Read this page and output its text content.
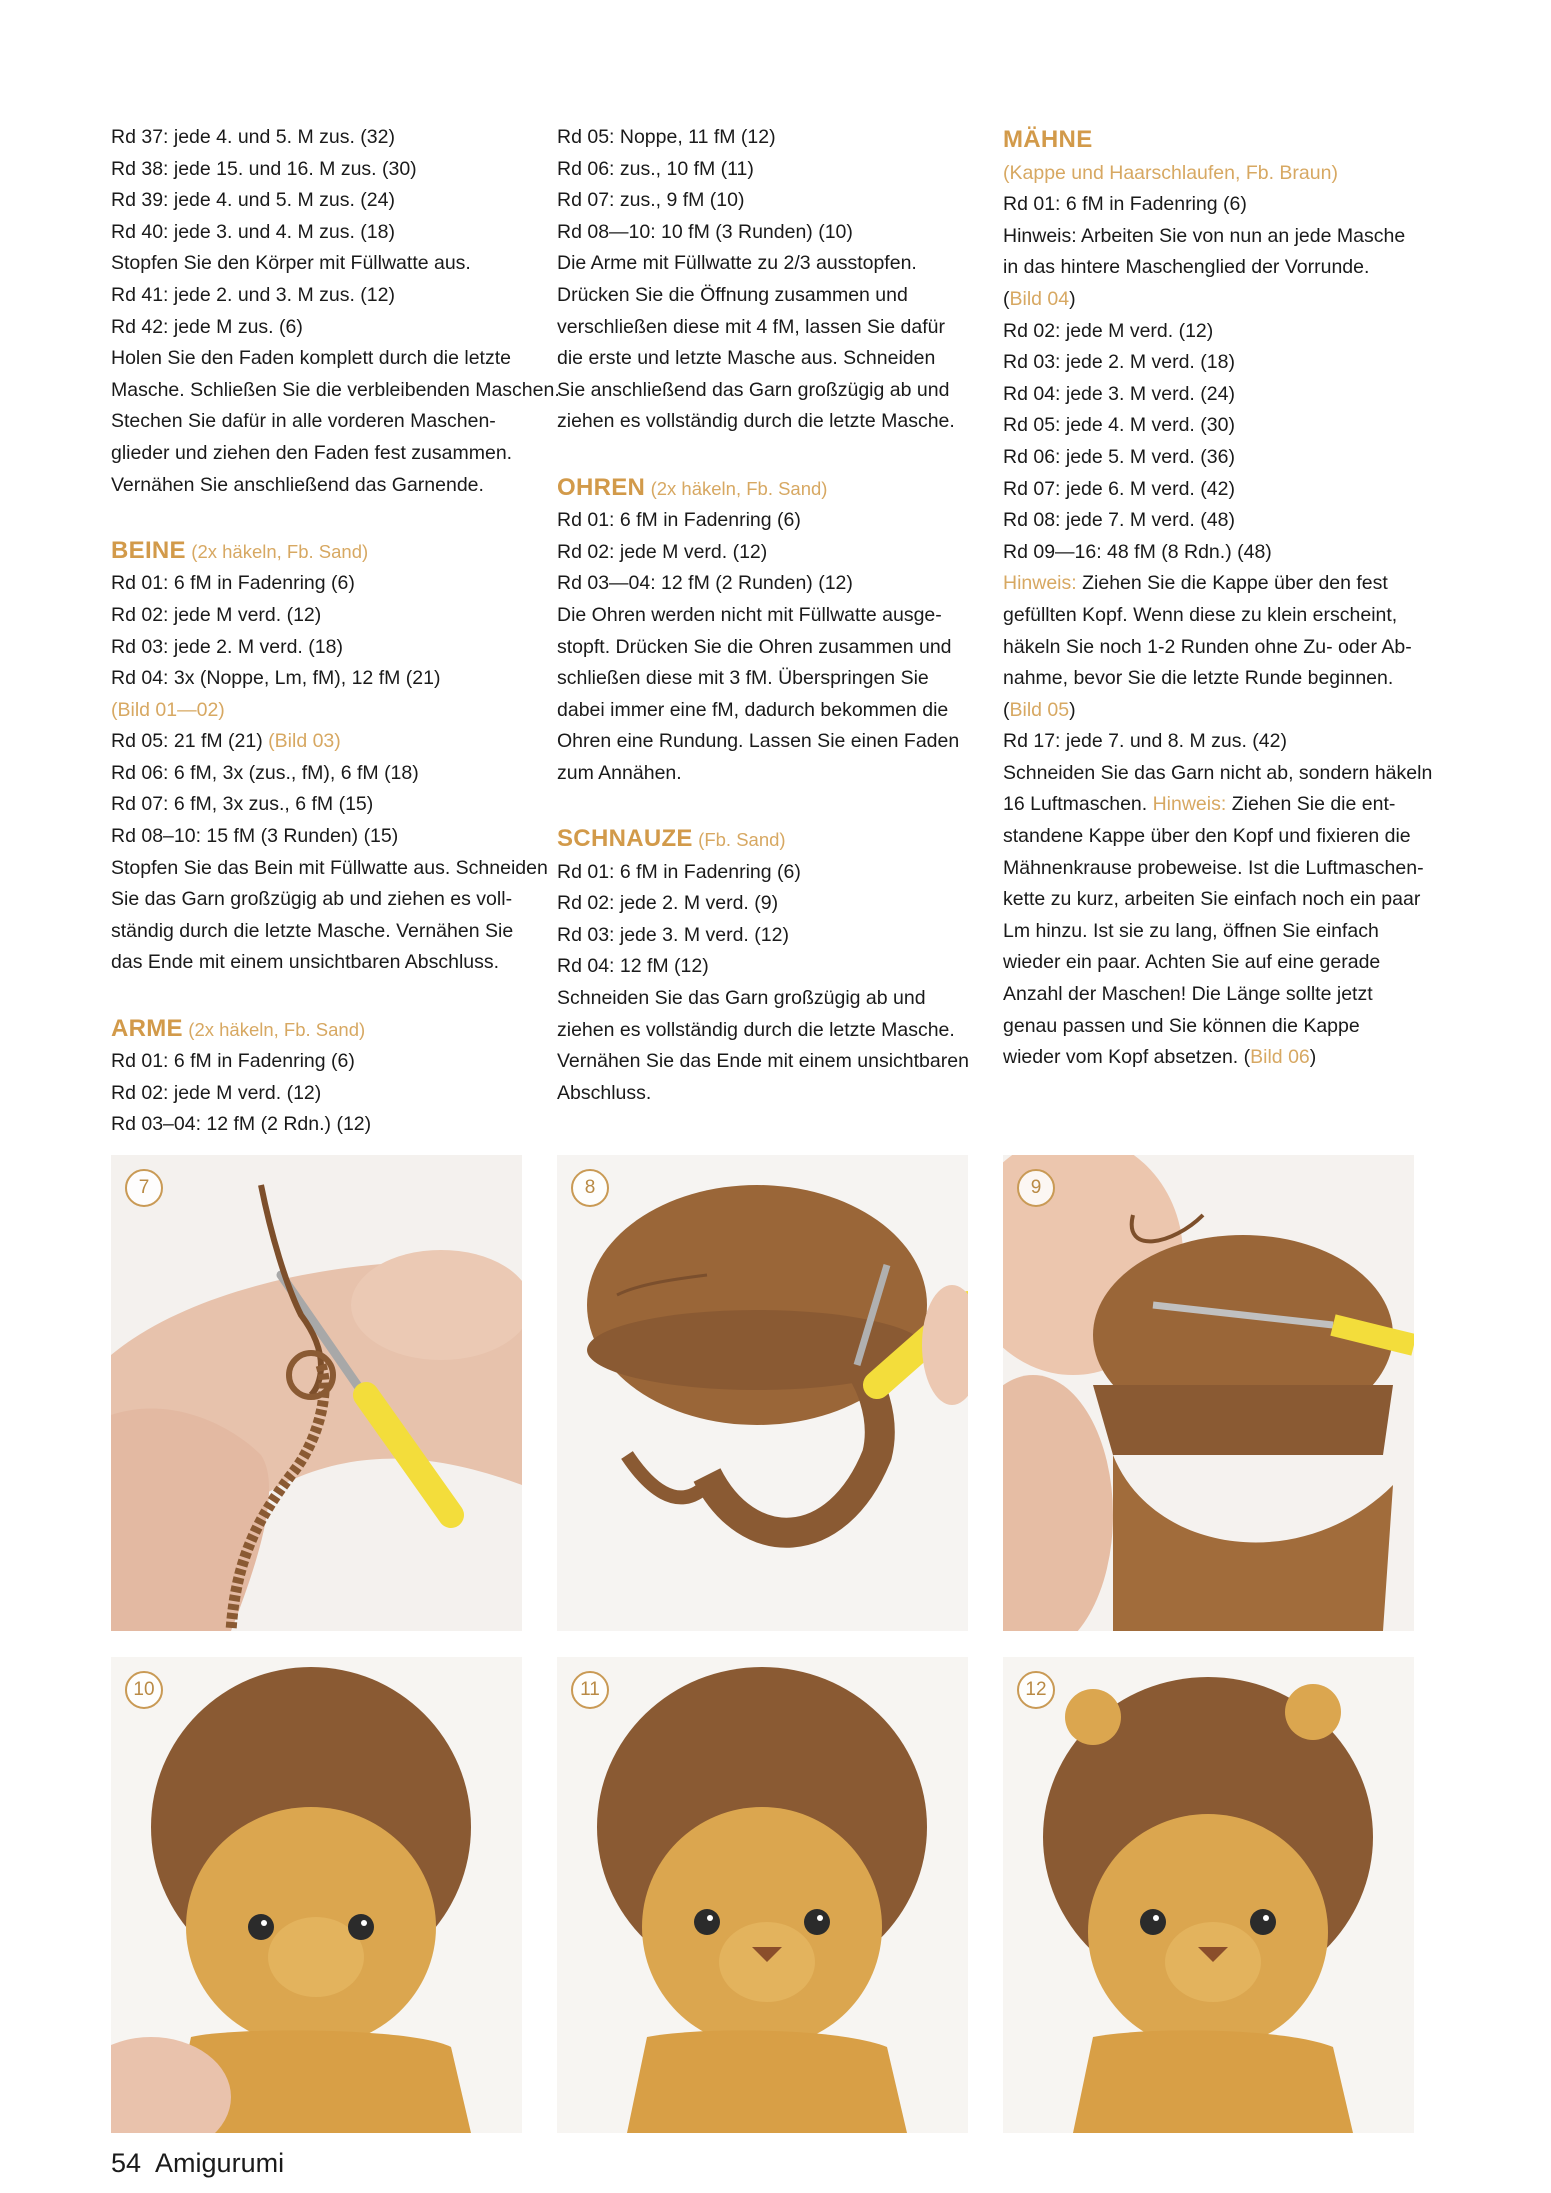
Rd 37: jede 4. und 5. M zus. (32)
Rd 38: jede 15. und 16. M zus. (30)
Rd 39: jede 4. und 5. M zus. (24)
Rd 40: jede 3. und 4. M zus. (18)
Stopfen Sie den Körper mit Füllwatte aus.
Rd 41: jede 2. und 3. M zus. (12)
Rd 42: jede M zus. (6)
Holen Sie den Faden komplett durch die letzte
Masche. Schließen Sie die verbleibenden Maschen.
Stechen Sie dafür in alle vorderen Maschen-
glieder und ziehen den Faden fest zusammen.
Vernähen Sie anschließend das Garnende.
BEINE (2x häkeln, Fb. Sand)
Rd 01: 6 fM in Fadenring (6)
Rd 02: jede M verd. (12)
Rd 03: jede 2. M verd. (18)
Rd 04: 3x (Noppe, Lm, fM), 12 fM (21)
(Bild 01—02)
Rd 05: 21 fM (21) (Bild 03)
Rd 06: 6 fM, 3x (zus., fM), 6 fM (18)
Rd 07: 6 fM, 3x zus., 6 fM (15)
Rd 08–10: 15 fM (3 Runden) (15)
Stopfen Sie das Bein mit Füllwatte aus. Schneiden
Sie das Garn großzügig ab und ziehen es voll-
ständig durch die letzte Masche. Vernähen Sie
das Ende mit einem unsichtbaren Abschluss.
ARME (2x häkeln, Fb. Sand)
Rd 01: 6 fM in Fadenring (6)
Rd 02: jede M verd. (12)
Rd 03–04: 12 fM (2 Rdn.) (12)
Rd 05: Noppe, 11 fM (12)
Rd 06: zus., 10 fM (11)
Rd 07: zus., 9 fM (10)
Rd 08—10: 10 fM (3 Runden) (10)
Die Arme mit Füllwatte zu 2/3 ausstopfen.
Drücken Sie die Öffnung zusammen und
verschließen diese mit 4 fM, lassen Sie dafür
die erste und letzte Masche aus. Schneiden
Sie anschließend das Garn großzügig ab und
ziehen es vollständig durch die letzte Masche.
OHREN (2x häkeln, Fb. Sand)
Rd 01: 6 fM in Fadenring (6)
Rd 02: jede M verd. (12)
Rd 03—04: 12 fM (2 Runden) (12)
Die Ohren werden nicht mit Füllwatte ausge-
stopft. Drücken Sie die Ohren zusammen und
schließen diese mit 3 fM. Überspringen Sie
dabei immer eine fM, dadurch bekommen die
Ohren eine Rundung. Lassen Sie einen Faden
zum Annähen.
SCHNAUZE (Fb. Sand)
Rd 01: 6 fM in Fadenring (6)
Rd 02: jede 2. M verd. (9)
Rd 03: jede 3. M verd. (12)
Rd 04: 12 fM (12)
Schneiden Sie das Garn großzügig ab und
ziehen es vollständig durch die letzte Masche.
Vernähen Sie das Ende mit einem unsichtbaren
Abschluss.
MÄHNE
(Kappe und Haarschlaufen, Fb. Braun)
Rd 01: 6 fM in Fadenring (6)
Hinweis: Arbeiten Sie von nun an jede Masche
in das hintere Maschenglied der Vorrunde.
(Bild 04)
Rd 02: jede M verd. (12)
Rd 03: jede 2. M verd. (18)
Rd 04: jede 3. M verd. (24)
Rd 05: jede 4. M verd. (30)
Rd 06: jede 5. M verd. (36)
Rd 07: jede 6. M verd. (42)
Rd 08: jede 7. M verd. (48)
Rd 09—16: 48 fM (8 Rdn.) (48)
Hinweis: Ziehen Sie die Kappe über den fest
gefüllten Kopf. Wenn diese zu klein erscheint,
häkeln Sie noch 1-2 Runden ohne Zu- oder Ab-
nahme, bevor Sie die letzte Runde beginnen.
(Bild 05)
Rd 17: jede 7. und 8. M zus. (42)
Schneiden Sie das Garn nicht ab, sondern häkeln
16 Luftmaschen. Hinweis: Ziehen Sie die ent-
standene Kappe über den Kopf und fixieren die
Mähnenkrause probeweise. Ist die Luftmaschen-
kette zu kurz, arbeiten Sie einfach noch ein paar
Lm hinzu. Ist sie zu lang, öffnen Sie einfach
wieder ein paar. Achten Sie auf eine gerade
Anzahl der Maschen! Die Länge sollte jetzt
genau passen und Sie können die Kappe
wieder vom Kopf absetzen. (Bild 06)
7	8	9
10	11	12
54 Amigurumi
